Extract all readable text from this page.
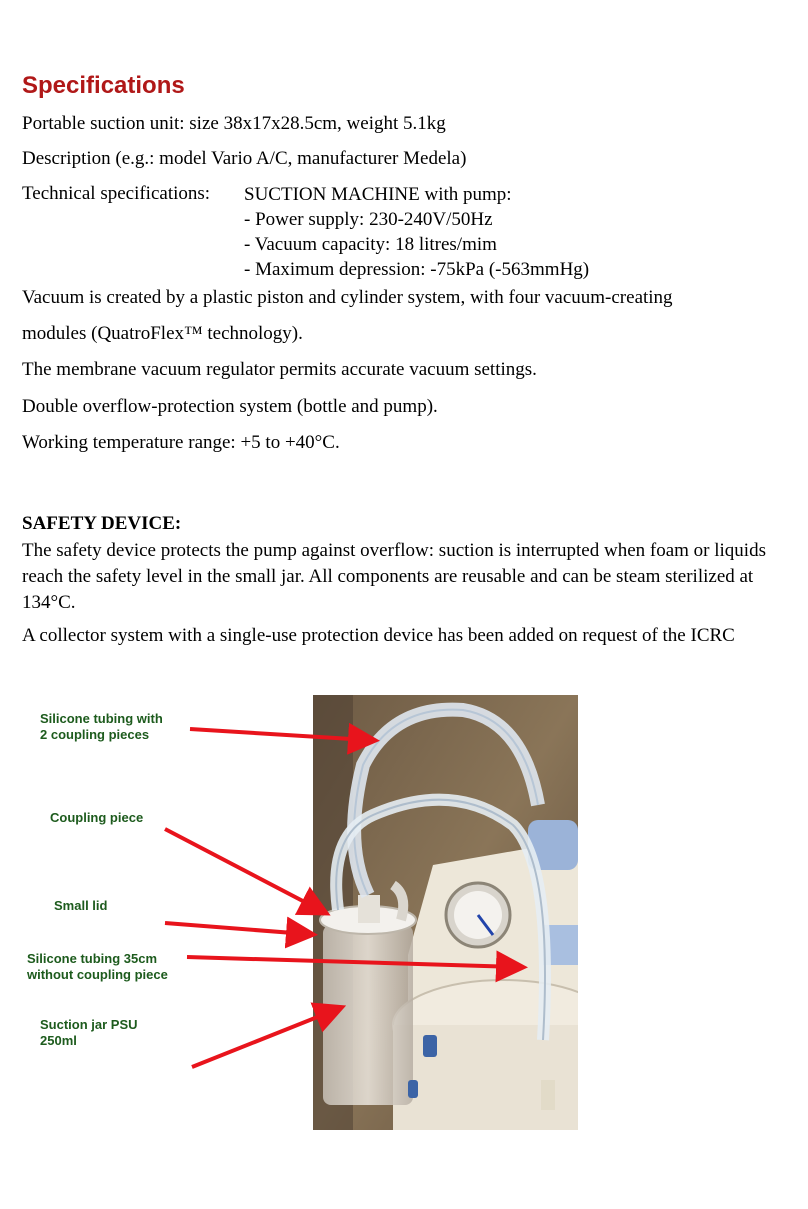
Specifications
Portable suction unit: size 38x17x28.5cm, weight 5.1kg
Description (e.g.: model Vario A/C, manufacturer Medela)
Technical specifications: SUCTION MACHINE with pump:
- Power supply: 230-240V/50Hz
- Vacuum capacity: 18 litres/mim
- Maximum depression: -75kPa (-563mmHg)
Vacuum is created by a plastic piston and cylinder system, with four vacuum-creating
modules (QuatroFlex™ technology).
The membrane vacuum regulator permits accurate vacuum settings.
Double overflow-protection system (bottle and pump).
Working temperature range: +5 to +40°C.
SAFETY DEVICE:
The safety device protects the pump against overflow: suction is interrupted when foam or liquids reach the safety level in the small jar. All components are reusable and can be steam sterilized at 134°C.
A collector system with a single-use protection device has been added on request of the ICRC
Silicone tubing with
2 coupling pieces
Coupling piece
Small lid
Silicone tubing 35cm
without coupling piece
Suction jar PSU
250ml
